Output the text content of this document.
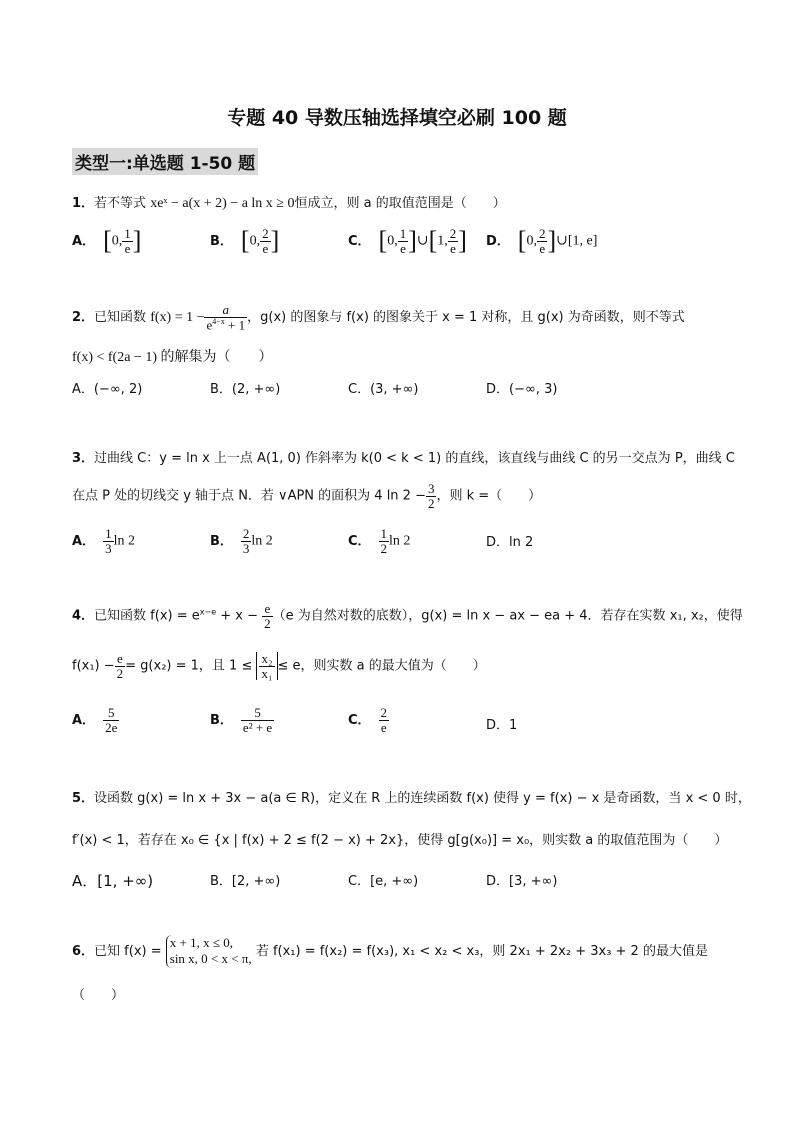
专题 40 导数压轴选择填空必刷 100 题
类型一:单选题 1-50 题
1．若不等式 xeˣ − a(x + 2) − a ln x ≥ 0恒成立，则 a 的取值范围是（　　）
A． [0, $\frac{1}{e}$ ]	B． [0, $\frac{2}{e}$ ]	C． [0, $\frac{1}{e}$ ]∪[1, $\frac{2}{e}$ ] D． [0, $\frac{2}{e}$ ]∪[1, e]
2．已知函数 $f(x) = 1 - \frac{a}{e^{4-x} + 1}$ ，g(x) 的图象与 f(x) 的图象关于 x = 1 对称，且 g(x) 为奇函数，则不等式
f(x) < f(2a − 1) 的解集为（　　）
A．(−∞, 2)	B．(2, +∞)	C．(3, +∞)	D．(−∞, 3)
3．过曲线 C：y = ln x 上一点 A(1, 0) 作斜率为 k(0 < k < 1) 的直线，该直线与曲线 C 的另一交点为 P，曲线 C
在点 P 处的切线交 y 轴于点 N．若 ∨APN 的面积为 4 $\ln 2 - \frac{3}{2}$ ，则 k =（　　）
A． $\frac{1}{3}$ ln 2	B． $\frac{2}{3}$ ln 2	C． $\frac{1}{2}$ ln 2	D．ln 2
4．已知函数 $f(x) = e^{x-e} + x - \frac{e}{2} (e$ 为自然对数的底数），g(x) = ln x − ax − ea + 4．若存在实数 x₁, x₂，使得
$f(x_1) - \frac{e}{2} = g(x_2) = 1$，且 $1 \le \frac{\text{x₂}}{\text{x₁}} \le e$，则实数 a 的最大值为（　　）
A． $\frac{5}{2e}$	B． $\frac{5}{\text{e² + e}}$	C． $\frac{2}{e}$	D．1
5．设函数 g(x) = ln x + 3x − a(a ∈ R)，定义在 R 上的连续函数 f(x) 使得 y = f(x) − x 是奇函数，当 x < 0 时，
f′(x) < 1，若存在 x₀ ∈ {x | f(x) + 2 ≤ f(2 − x) + 2x}，使得 g[g(x₀)] = x₀，则实数 a 的取值范围为（　　）
A．[1, +∞)	B．[2, +∞)	C．[e, +∞)	D．[3, +∞)
6．已知 f(x) =
x + 1, x ≤ 0,
sin x, 0 < x < π, 若 f(x₁) = f(x₂) = f(x₃), x₁ < x₂ < x₃，则 2x₁ + 2x₂ + 3x₃ + 2 的最大值是
（　　）
